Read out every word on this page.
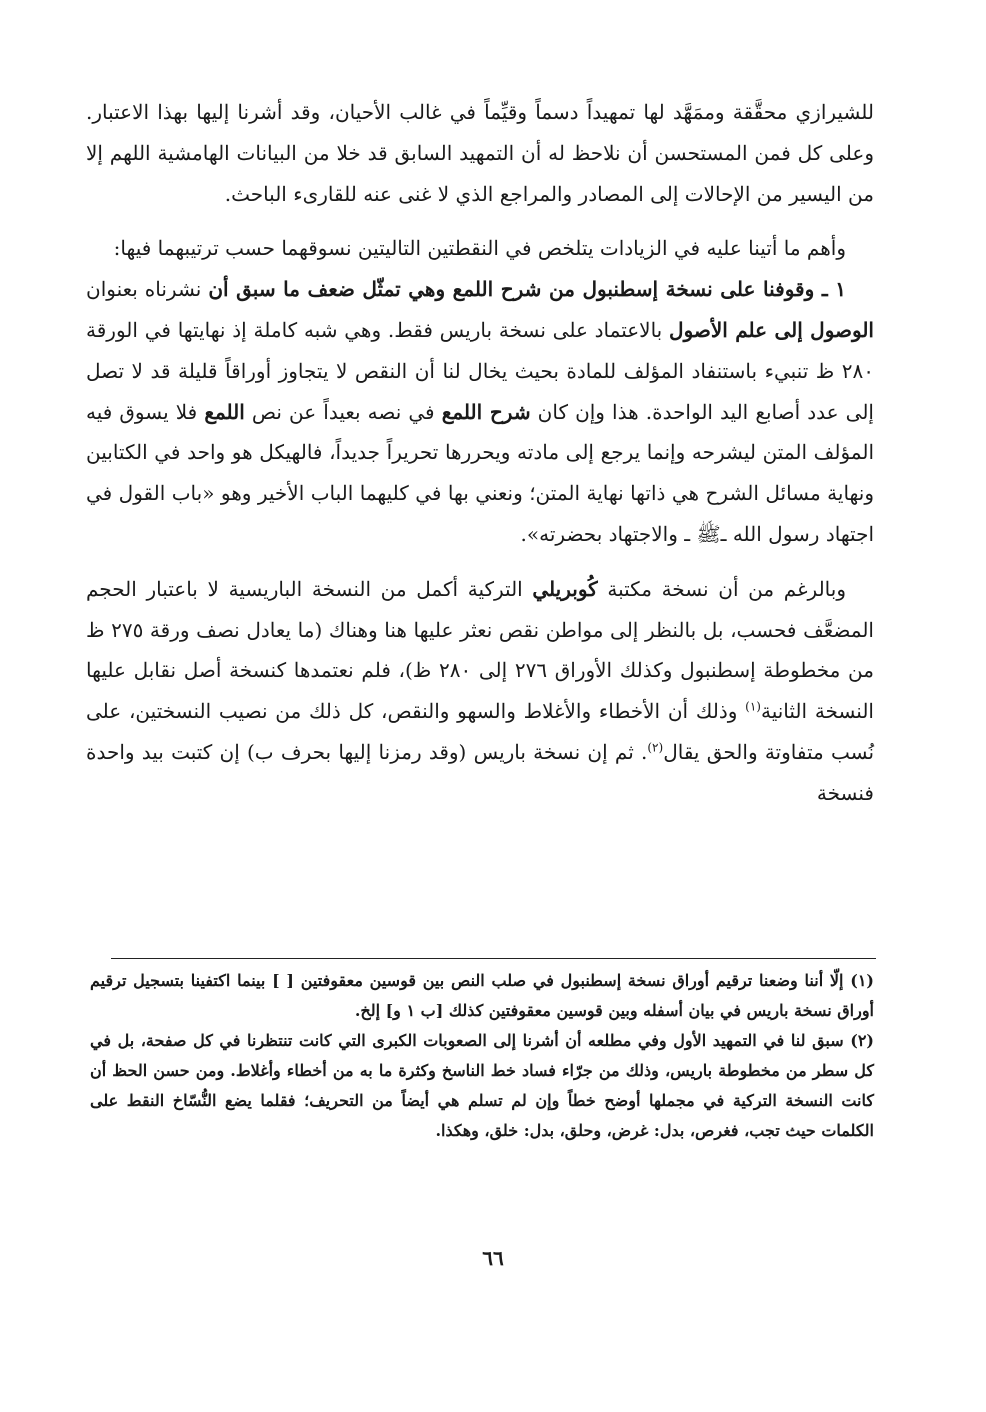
للشيرازي محقَّقة وممَهَّد لها تمهيداً دسماً وقيِّماً في غالب الأحيان، وقد أشرنا إليها بهذا الاعتبار. وعلى كل فمن المستحسن أن نلاحظ له أن التمهيد السابق قد خلا من البيانات الهامشية اللهم إلا من اليسير من الإحالات إلى المصادر والمراجع الذي لا غنى عنه للقارىء الباحث.

وأهم ما أتينا عليه في الزيادات يتلخص في النقطتين التاليتين نسوقهما حسب ترتيبهما فيها:

١ ـ وقوفنا على نسخة إسطنبول من شرح اللمع وهي تمثّل ضعف ما سبق أن نشرناه بعنوان الوصول إلى علم الأصول بالاعتماد على نسخة باريس فقط. وهي شبه كاملة إذ نهايتها في الورقة ٢٨٠ ظ تنبيء باستنفاد المؤلف للمادة بحيث يخال لنا أن النقص لا يتجاوز أوراقاً قليلة قد لا تصل إلى عدد أصابع اليد الواحدة. هذا وإن كان شرح اللمع في نصه بعيداً عن نص اللمع فلا يسوق فيه المؤلف المتن ليشرحه وإنما يرجع إلى مادته ويحررها تحريراً جديداً، فالهيكل هو واحد في الكتابين ونهاية مسائل الشرح هي ذاتها نهاية المتن؛ ونعني بها في كليهما الباب الأخير وهو «باب القول في اجتهاد رسول الله ـﷺ ـ والاجتهاد بحضرته».

وبالرغم من أن نسخة مكتبة كُوبريلي التركية أكمل من النسخة الباريسية لا باعتبار الحجم المضعَّف فحسب، بل بالنظر إلى مواطن نقص نعثر عليها هنا وهناك (ما يعادل نصف ورقة ٢٧٥ ظ من مخطوطة إسطنبول وكذلك الأوراق ٢٧٦ إلى ٢٨٠ ظ)، فلم نعتمدها كنسخة أصل نقابل عليها النسخة الثانية$^{(١)}$ وذلك أن الأخطاء والأغلاط والسهو والنقص، كل ذلك من نصيب النسختين، على نُسب متفاوتة والحق يقال$^{(٢)}$. ثم إن نسخة باريس (وقد رمزنا إليها بحرف ب) إن كتبت بيد واحدة فنسخة

(١) إلّا أننا وضعنا ترقيم أوراق نسخة إسطنبول في صلب النص بين قوسين معقوفتين [ ] بينما اكتفينا بتسجيل ترقيم أوراق نسخة باريس في بيان أسفله وبين قوسين معقوفتين كذلك [ب ١ و] إلخ.

(٢) سبق لنا في التمهيد الأول وفي مطلعه أن أشرنا إلى الصعوبات الكبرى التي كانت تنتظرنا في كل صفحة، بل في كل سطر من مخطوطة باريس، وذلك من جرّاء فساد خط الناسخ وكثرة ما به من أخطاء وأغلاط. ومن حسن الحظ أن كانت النسخة التركية في مجملها أوضح خطاً وإن لم تسلم هي أيضاً من التحريف؛ فقلما يضع النُّسّاخ النقط على الكلمات حيث تجب، فغرص، بدل: غرض، وحلق، بدل: خلق، وهكذا.

٦٦
